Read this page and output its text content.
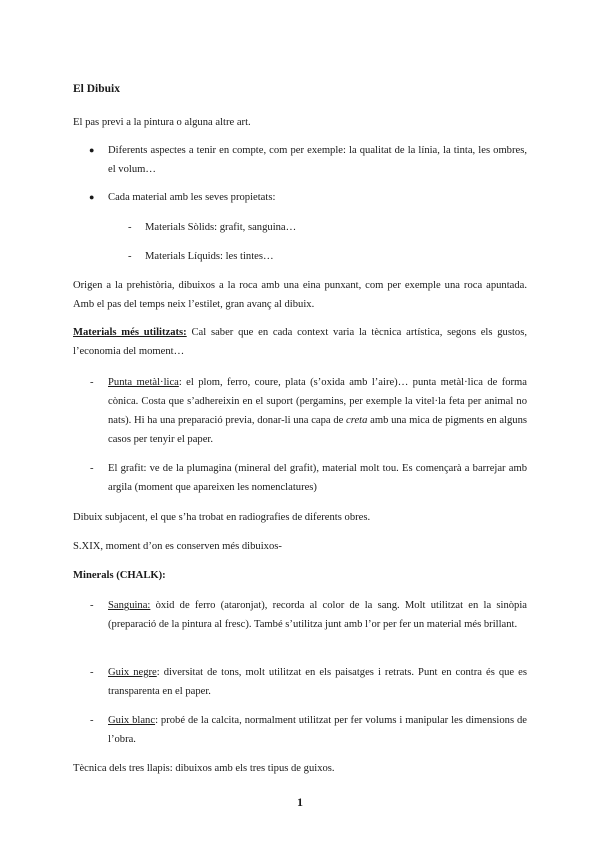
El Dibuix
El pas previ a la pintura o alguna altre art.
● Diferents aspectes a tenir en compte, com per exemple: la qualitat de la línia, la tinta, les ombres, el volum…
● Cada material amb les seves propietats:
- Materials Sòlids: grafit, sanguina…
- Materials Líquids: les tintes…
Origen a la prehistòria, dibuixos a la roca amb una eina punxant, com per exemple una roca apuntada. Amb el pas del temps neix l’estilet, gran avanç al dibuix.
Materials més utilitzats: Cal saber que en cada context varia la tècnica artística, segons els gustos, l’economia del moment…
- Punta metàl·lica: el plom, ferro, coure, plata (s’oxida amb l’aire)… punta metàl·lica de forma cònica. Costa que s’adhereixin en el suport (pergamins, per exemple la vitel·la feta per animal no nats). Hi ha una preparació previa, donar-li una capa de creta amb una mica de pigments en alguns casos per tenyir el paper.
- El grafit: ve de la plumagina (mineral del grafit), material molt tou. Es començarà a barrejar amb argila (moment que apareixen les nomenclatures)
Dibuix subjacent, el que s’ha trobat en radiografies de diferents obres.
S.XIX, moment d’on es conserven més dibuixos-
Minerals (CHALK):
- Sanguina: òxid de ferro (ataronjat), recorda al color de la sang. Molt utilitzat en la sinòpia (preparació de la pintura al fresc). També s’utilitza junt amb l’or per fer un material més brillant.
- Guix negre: diversitat de tons, molt utilitzat en els paisatges i retrats. Punt en contra és que es transparenta en el paper.
- Guix blanc: probé de la calcita, normalment utilitzat per fer volums i manipular les dimensions de l’obra.
Tècnica dels tres llapis: dibuixos amb els tres tipus de guixos.
1
